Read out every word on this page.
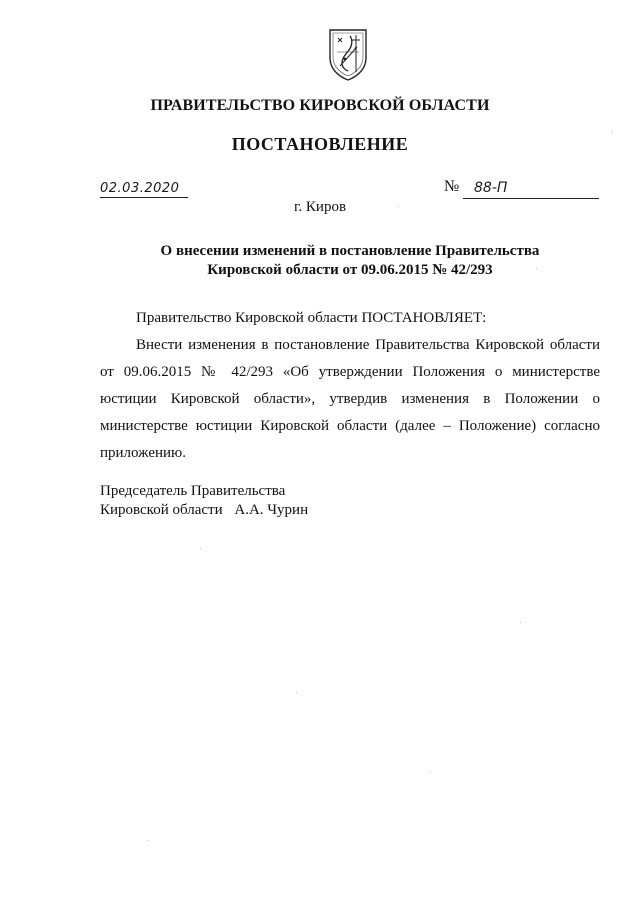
ПРАВИТЕЛЬСТВО КИРОВСКОЙ ОБЛАСТИ
ПОСТАНОВЛЕНИЕ
02.03.2020	№ 88-П
г. Киров
О внесении изменений в постановление Правительства
Кировской области от 09.06.2015 № 42/293

Правительство Кировской области ПОСТАНОВЛЯЕТ:

Внести изменения в постановление Правительства Кировской области от 09.06.2015 № 42/293 «Об утверждении Положения о министерстве юстиции Кировской области», утвердив изменения в Положении о министерстве юстиции Кировской области (далее – Положение) согласно приложению.

Председатель Правительства
Кировской области А.А. Чурин
